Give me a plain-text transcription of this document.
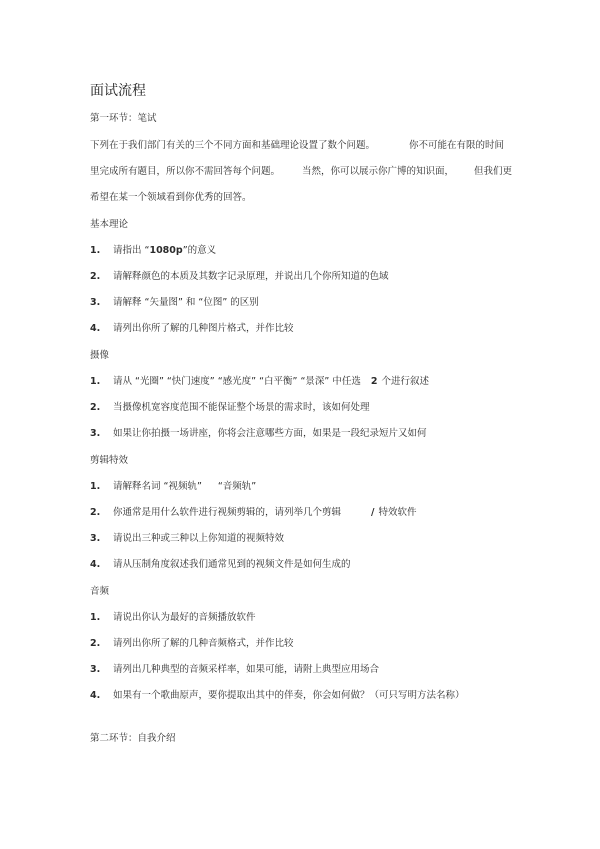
面试流程
第一环节：笔试
下列在于我们部门有关的三个不同方面和基础理论设置了数个问题。	你不可能在有限的时间
里完成所有题目，所以你不需回答每个问题。 当然，你可以展示你广博的知识面， 但我们更
希望在某一个领域看到你优秀的回答。
基本理论
1. 请指出 “1080p”的意义
2. 请解释颜色的本质及其数字记录原理，并说出几个你所知道的色域
3. 请解释 “矢量图” 和 “位图” 的区别
4. 请列出你所了解的几种图片格式，并作比较
摄像
1. 请从 “光圈” “快门速度” “感光度” “白平衡” “景深” 中任选 2 个进行叙述
2. 当摄像机宽容度范围不能保证整个场景的需求时，该如何处理
3. 如果让你拍摄一场讲座，你将会注意哪些方面，如果是一段纪录短片又如何
剪辑特效
1. 请解释名词 “视频轨” “音频轨”
2. 你通常是用什么软件进行视频剪辑的，请列举几个剪辑	/ 特效软件
3. 请说出三种或三种以上你知道的视频特效
4. 请从压制角度叙述我们通常见到的视频文件是如何生成的
音频
1. 请说出你认为最好的音频播放软件
2. 请列出你所了解的几种音频格式，并作比较
3. 请列出几种典型的音频采样率，如果可能，请附上典型应用场合
4. 如果有一个歌曲原声，要你提取出其中的伴奏，你会如何做？（可只写明方法名称）
第二环节：自我介绍
